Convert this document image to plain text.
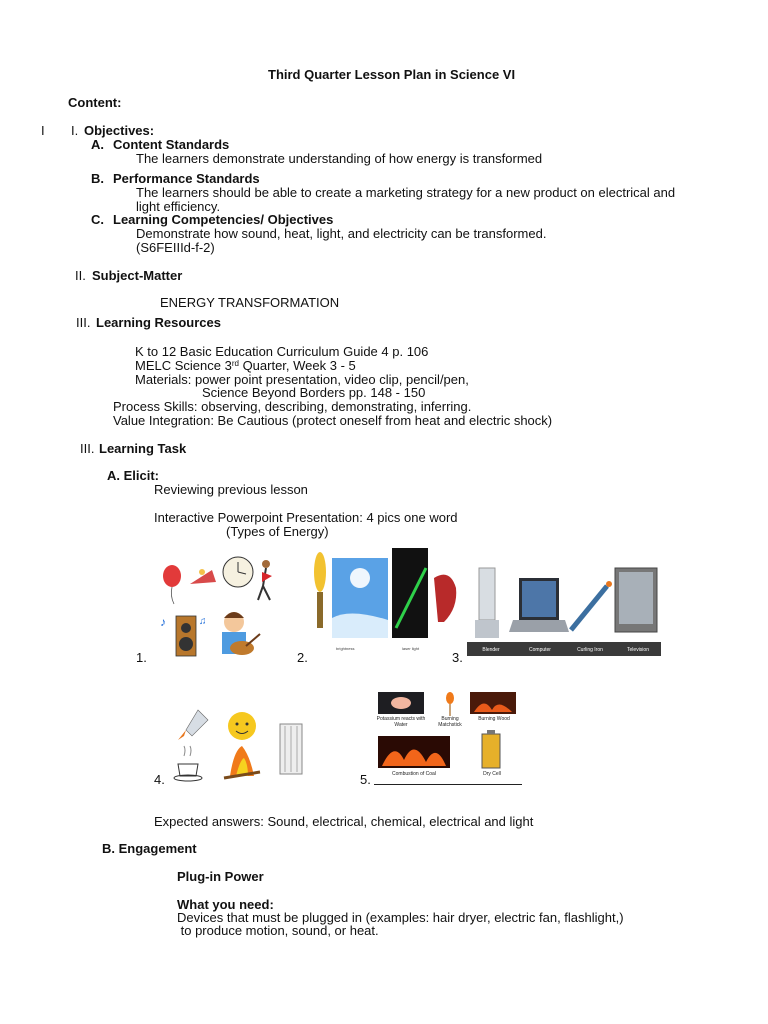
Third Quarter Lesson Plan in Science VI
Content:
I I. Objectives:
A. Content Standards
The learners demonstrate understanding of how energy is transformed
B. Performance Standards
The learners should be able to create a marketing strategy for a new product on electrical and
light efficiency.
C. Learning Competencies/ Objectives
Demonstrate how sound, heat, light, and electricity can be transformed.
(S6FEIIId-f-2)
II. Subject-Matter
ENERGY TRANSFORMATION
III. Learning Resources
K to 12 Basic Education Curriculum Guide 4 p. 106
MELC Science 3rd Quarter, Week 3 - 5
Materials: power point presentation, video clip, pencil/pen,
Science Beyond Borders pp. 148 - 150
Process Skills: observing, describing, demonstrating, inferring.
Value Integration: Be Cautious (protect oneself from heat and electric shock)
III. Learning Task
A. Elicit:
Reviewing previous lesson
Interactive Powerpoint Presentation: 4 pics one word
(Types of Energy)
1.
♪	♫
2.
brightness	laser light
3.	Blender	Computer	Curling Iron	Television
4.	5.
Potassium reacts with Water
Burning Matchstick
Burning Wood
Combustion of Coal	Dry Cell
Expected answers: Sound, electrical, chemical, electrical and light
B. Engagement
Plug-in Power
What you need:
Devices that must be plugged in (examples: hair dryer, electric fan, flashlight,)
to produce motion, sound, or heat.
